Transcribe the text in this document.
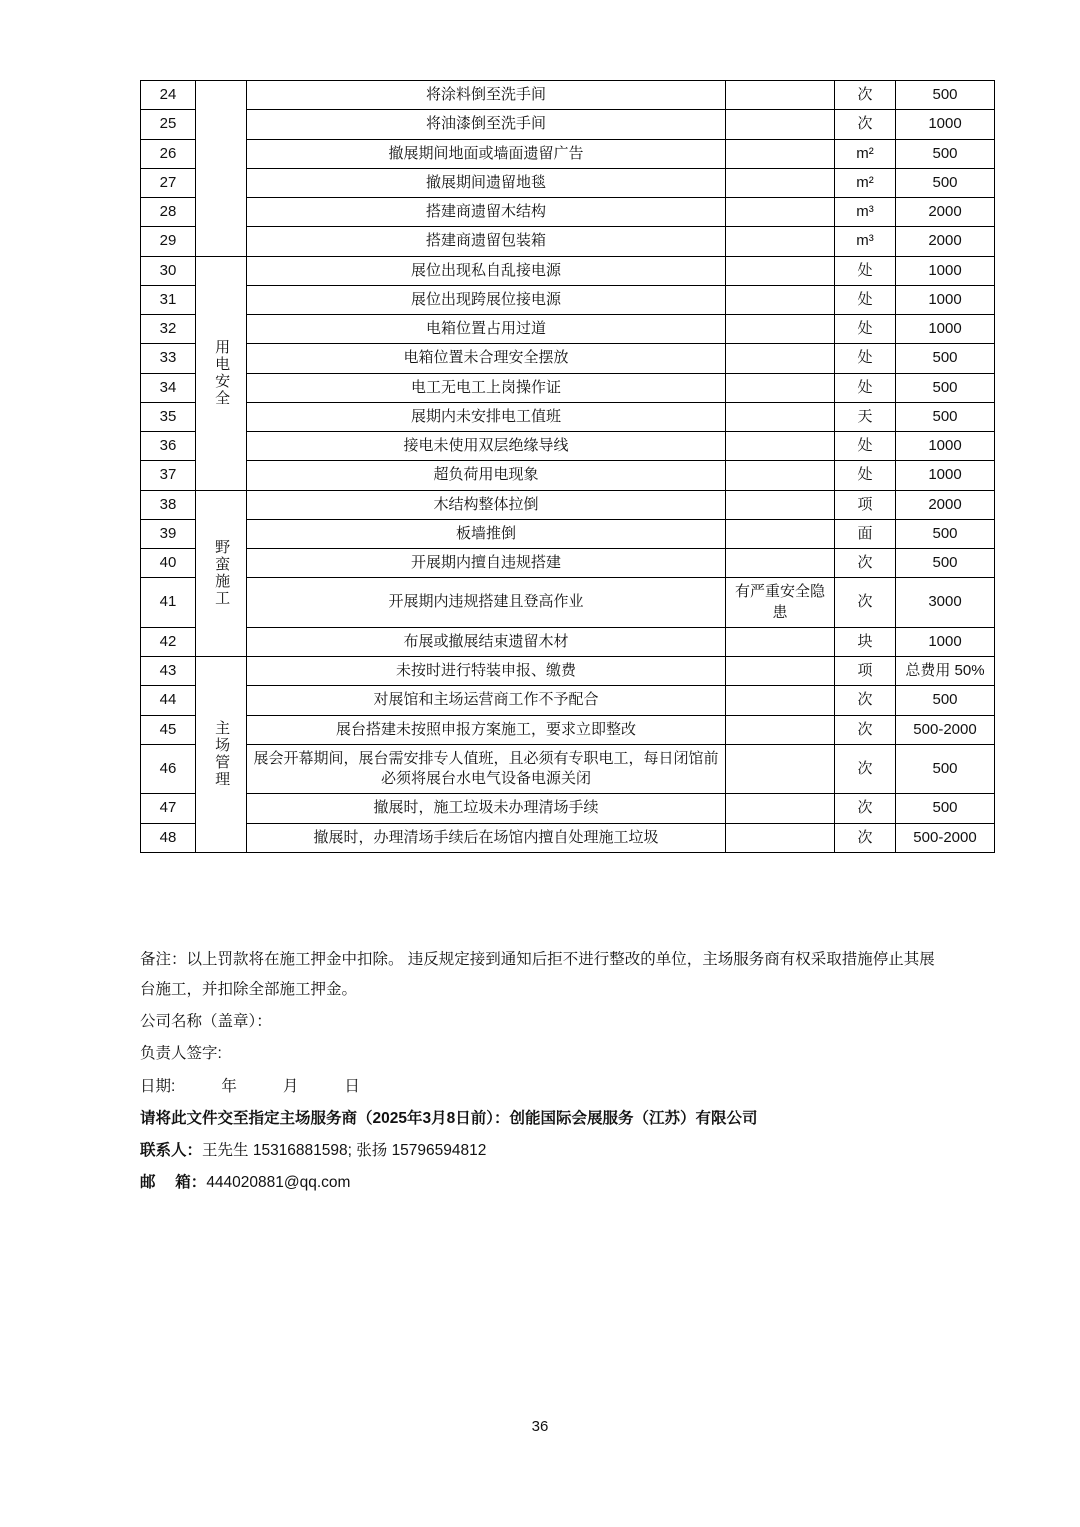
24		将涂料倒至洗手间		次	500
25		将油漆倒至洗手间		次	1000
26		撤展期间地面或墙面遗留广告		m²	500
27		撤展期间遗留地毯		m²	500
28		搭建商遗留木结构		m³	2000
29		搭建商遗留包装箱		m³	2000
30	用电安全	展位出现私自乱接电源		处	1000
31		展位出现跨展位接电源		处	1000
32		电箱位置占用过道		处	1000
33		电箱位置未合理安全摆放		处	500
34		电工无电工上岗操作证		处	500
35		展期内未安排电工值班		天	500
36		接电未使用双层绝缘导线		处	1000
37		超负荷用电现象		处	1000
38	野蛮施工	木结构整体拉倒		项	2000
39		板墙推倒		面	500
40		开展期内擅自违规搭建		次	500
41		开展期内违规搭建且登高作业	有严重安全隐患	次	3000
42		布展或撤展结束遗留木材		块	1000
43	主场管理	未按时进行特装申报、缴费		项	总费用 50%
44		对展馆和主场运营商工作不予配合		次	500
45		展台搭建未按照申报方案施工，要求立即整改		次	500-2000
46		展会开幕期间，展台需安排专人值班，且必须有专职电工，每日闭馆前必须将展台水电气设备电源关闭		次	500
47		撤展时，施工垃圾未办理清场手续		次	500
48		撤展时，办理清场手续后在场馆内擅自处理施工垃圾		次	500-2000

备注：以上罚款将在施工押金中扣除。 违反规定接到通知后拒不进行整改的单位，主场服务商有权采取措施停止其展台施工，并扣除全部施工押金。

公司名称（盖章）：

负责人签字:

日期:	年	月	日

请将此文件交至指定主场服务商（2025年3月8日前）：创能国际会展服务（江苏）有限公司

联系人：王先生 15316881598; 张扬 15796594812

邮　 箱：444020881@qq.com

36
